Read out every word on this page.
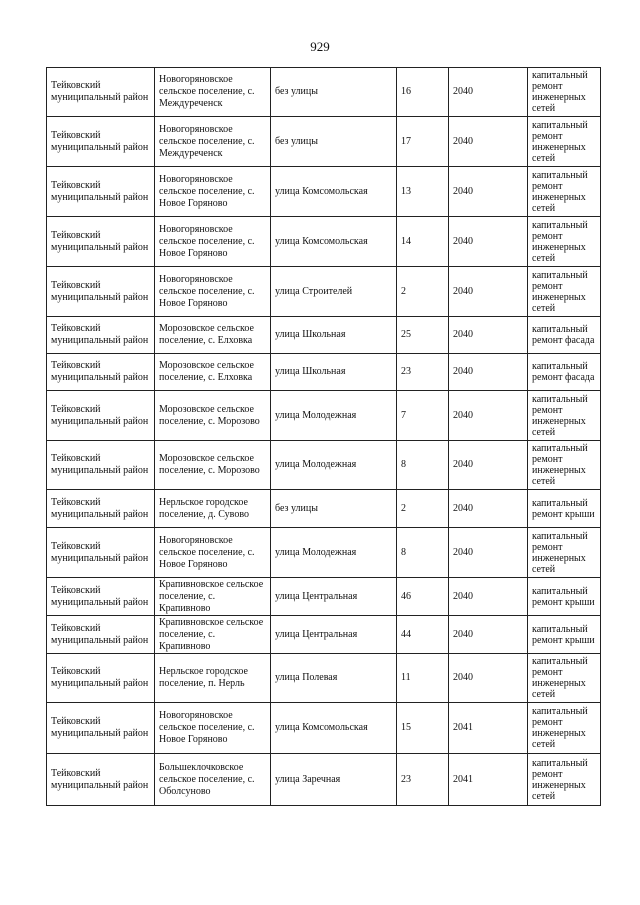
929
Тейковский муниципальный район	Новогоряновское сельское поселение, с. Междуреченск	без улицы	16	2040	капитальный ремонт инженерных сетей
Тейковский муниципальный район	Новогоряновское сельское поселение, с. Междуреченск	без улицы	17	2040	капитальный ремонт инженерных сетей
Тейковский муниципальный район	Новогоряновское сельское поселение, с. Новое Горяново	улица Комсомольская	13	2040	капитальный ремонт инженерных сетей
Тейковский муниципальный район	Новогоряновское сельское поселение, с. Новое Горяново	улица Комсомольская	14	2040	капитальный ремонт инженерных сетей
Тейковский муниципальный район	Новогоряновское сельское поселение, с. Новое Горяново	улица Строителей	2	2040	капитальный ремонт инженерных сетей
Тейковский муниципальный район	Морозовское сельское поселение, с. Елховка	улица Школьная	25	2040	капитальный ремонт фасада
Тейковский муниципальный район	Морозовское сельское поселение, с. Елховка	улица Школьная	23	2040	капитальный ремонт фасада
Тейковский муниципальный район	Морозовское сельское поселение, с. Морозово	улица Молодежная	7	2040	капитальный ремонт инженерных сетей
Тейковский муниципальный район	Морозовское сельское поселение, с. Морозово	улица Молодежная	8	2040	капитальный ремонт инженерных сетей
Тейковский муниципальный район	Нерльское городское поселение, д. Сувово	без улицы	2	2040	капитальный ремонт крыши
Тейковский муниципальный район	Новогоряновское сельское поселение, с. Новое Горяново	улица Молодежная	8	2040	капитальный ремонт инженерных сетей
Тейковский муниципальный район	Крапивновское сельское поселение, с. Крапивново	улица Центральная	46	2040	капитальный ремонт крыши
Тейковский муниципальный район	Крапивновское сельское поселение, с. Крапивново	улица Центральная	44	2040	капитальный ремонт крыши
Тейковский муниципальный район	Нерльское городское поселение, п. Нерль	улица Полевая	11	2040	капитальный ремонт инженерных сетей
Тейковский муниципальный район	Новогоряновское сельское поселение, с. Новое Горяново	улица Комсомольская	15	2041	капитальный ремонт инженерных сетей
Тейковский муниципальный район	Большеклочковское сельское поселение, с. Оболсуново	улица Заречная	23	2041	капитальный ремонт инженерных сетей
